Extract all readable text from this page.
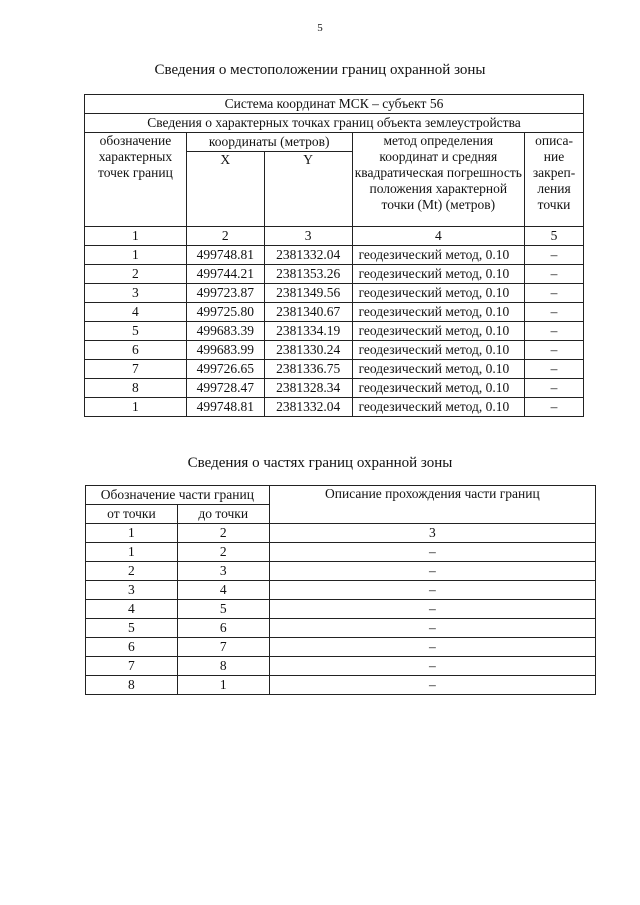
5
Сведения о местоположении границ охранной зоны
Система координат МСК – субъект 56				
Сведения о характерных точках границ объекта землеустройства				
обозначение характерных точек границ	координаты (метров)		метод определения координат и средняя квадратическая погрешность положения характерной точки (Mt) (метров)	описа-ние закреп-ления точки
	X	Y		
1	2	3	4	5
1	499748.81	2381332.04	геодезический метод, 0.10	–
2	499744.21	2381353.26	геодезический метод, 0.10	–
3	499723.87	2381349.56	геодезический метод, 0.10	–
4	499725.80	2381340.67	геодезический метод, 0.10	–
5	499683.39	2381334.19	геодезический метод, 0.10	–
6	499683.99	2381330.24	геодезический метод, 0.10	–
7	499726.65	2381336.75	геодезический метод, 0.10	–
8	499728.47	2381328.34	геодезический метод, 0.10	–
1	499748.81	2381332.04	геодезический метод, 0.10	–
Сведения о частях границ охранной зоны
Обозначение части границ		Описание прохождения части границ
от точки	до точки	
1	2	3
1	2	–
2	3	–
3	4	–
4	5	–
5	6	–
6	7	–
7	8	–
8	1	–
